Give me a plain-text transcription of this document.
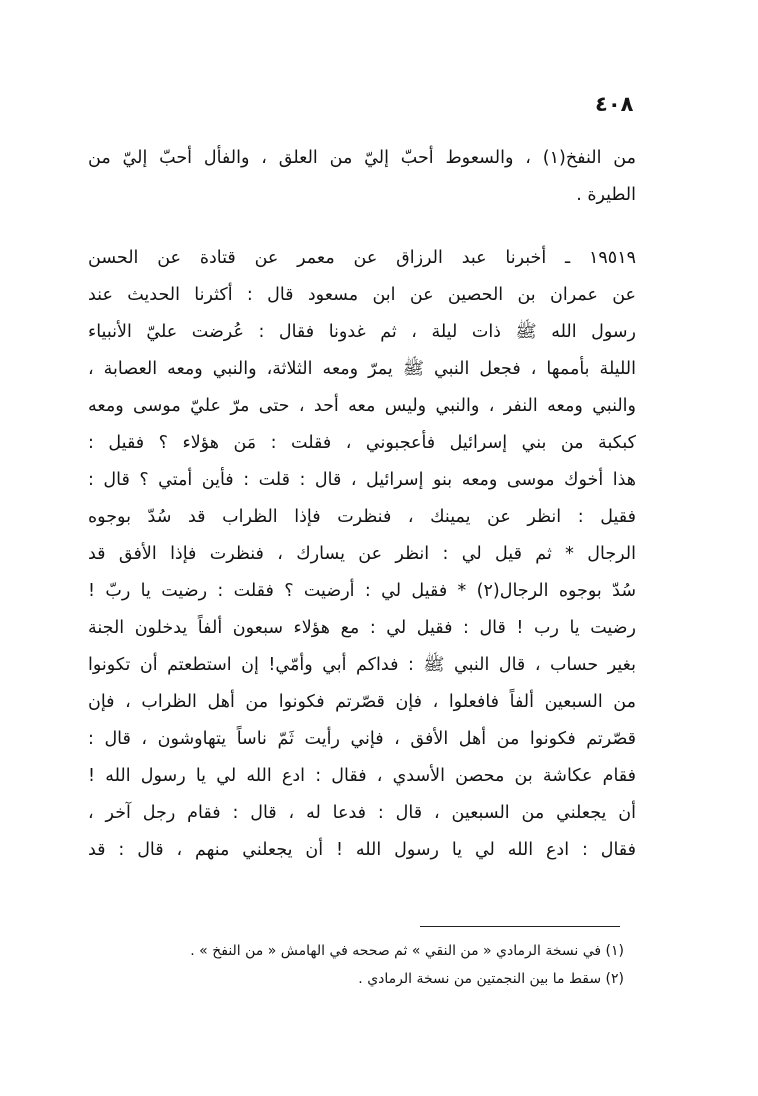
٤٠٨
من النفخ(١) ، والسعوط أحبّ إليّ من العلق ، والفأل أحبّ إليّ من
الطيرة .
١٩٥١٩ ـ أخبرنا عبد الرزاق عن معمر عن قتادة عن الحسن
عن عمران بن الحصين عن ابن مسعود قال : أكثرنا الحديث عند
رسول الله ﷺ ذات ليلة ، ثم غدونا فقال : عُرضت عليّ الأنبياء
الليلة بأممها ، فجعل النبي ﷺ يمرّ ومعه الثلاثة، والنبي ومعه العصابة ،
والنبي ومعه النفر ، والنبي وليس معه أحد ، حتى مرّ عليّ موسى ومعه
كبكبة من بني إسرائيل فأعجبوني ، فقلت : مَن هؤلاء ؟ فقيل :
هذا أخوك موسى ومعه بنو إسرائيل ، قال : قلت : فأين أمتي ؟ قال :
فقيل : انظر عن يمينك ، فنظرت فإذا الظراب قد سُدّ بوجوه
الرجال * ثم قيل لي : انظر عن يسارك ، فنظرت فإذا الأفق قد
سُدّ بوجوه الرجال(٢) * فقيل لي : أرضيت ؟ فقلت : رضيت يا ربّ !
رضيت يا رب ! قال : فقيل لي : مع هؤلاء سبعون ألفاً يدخلون الجنة
بغير حساب ، قال النبي ﷺ : فداكم أبي وأمّي! إن استطعتم أن تكونوا
من السبعين ألفاً فافعلوا ، فإن قصّرتم فكونوا من أهل الظراب ، فإن
قصّرتم فكونوا من أهل الأفق ، فإني رأيت ثَمّ ناساً يتهاوشون ، قال :
فقام عكاشة بن محصن الأسدي ، فقال : ادع الله لي يا رسول الله !
أن يجعلني من السبعين ، قال : فدعا له ، قال : فقام رجل آخر ،
فقال : ادع الله لي يا رسول الله ! أن يجعلني منهم ، قال : قد
(١) في نسخة الرمادي « من النقي » ثم صححه في الهامش « من النفخ » .
(٢) سقط ما بين النجمتين من نسخة الرمادي .
